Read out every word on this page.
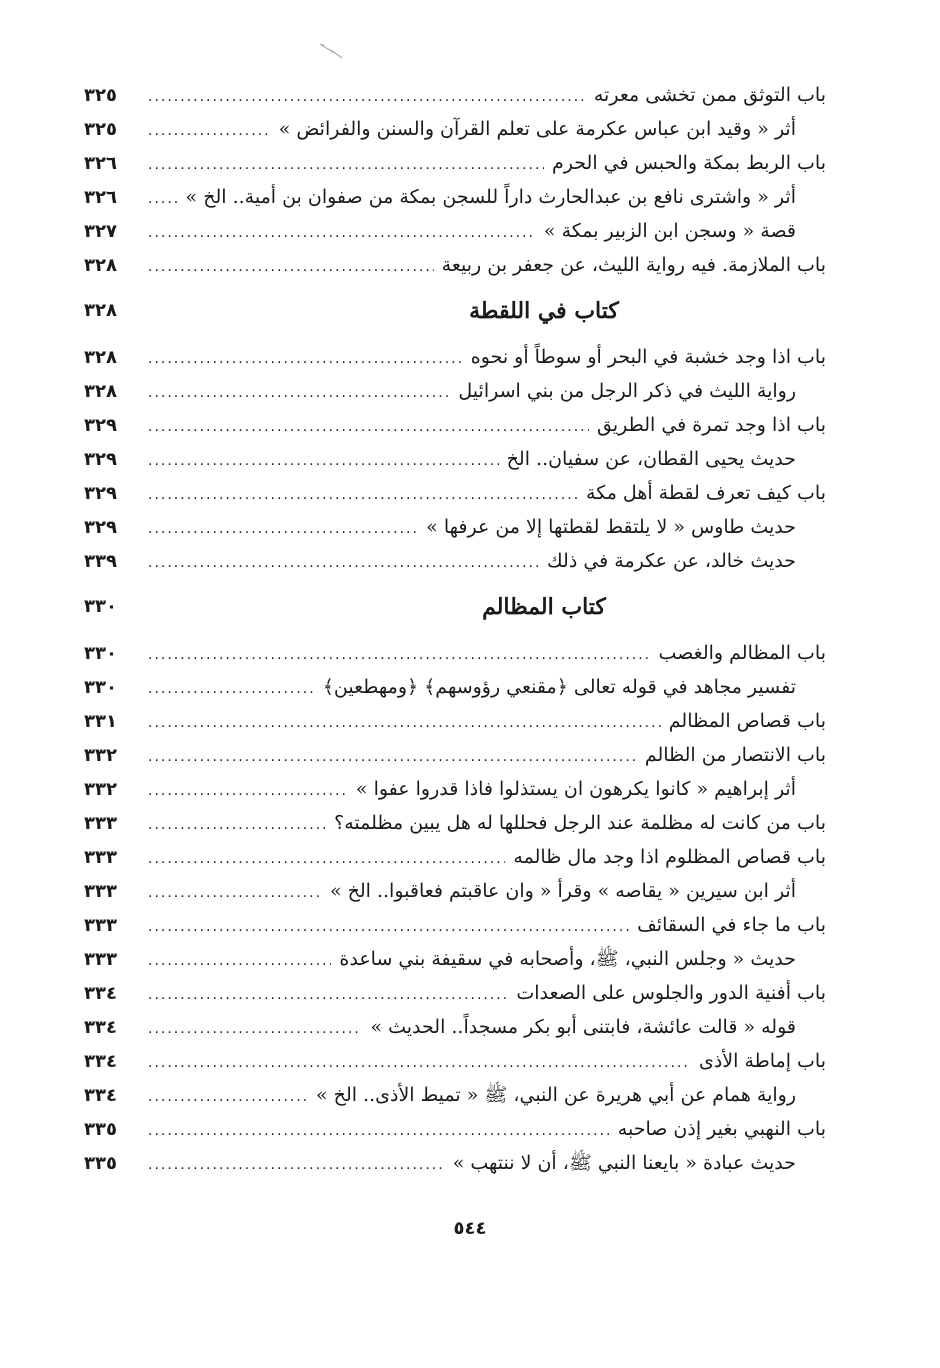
باب التوثق ممن تخشى معرته
.....
٣٢٥
أثر « وقيد ابن عباس عكرمة على تعلم القرآن والسنن والفرائض »
.....
٣٢٥
باب الربط بمكة والحبس في الحرم
.....
٣٢٦
أثر « واشترى نافع بن عبدالحارث داراً للسجن بمكة من صفوان بن أمية.. الخ »
.....
٣٢٦
قصة « وسجن ابن الزبير بمكة »
.....
٣٢٧
باب الملازمة. فيه رواية الليث، عن جعفر بن ربيعة
.....
٣٢٨
كتاب في اللقطة
٣٢٨
باب اذا وجد خشبة في البحر أو سوطاً أو نحوه
.....
٣٢٨
رواية الليث في ذكر الرجل من بني اسرائيل
.....
٣٢٨
باب اذا وجد تمرة في الطريق
.....
٣٢٩
حديث يحيى القطان، عن سفيان.. الخ
.....
٣٢٩
باب كيف تعرف لقطة أهل مكة
.....
٣٢٩
حديث طاوس « لا يلتقط لقطتها إلا من عرفها »
.....
٣٢٩
حديث خالد، عن عكرمة في ذلك
.....
٣٣٩
كتاب المظالم
٣٣٠
باب المظالم والغصب
.....
٣٣٠
تفسير مجاهد في قوله تعالى ﴿مقنعي رؤوسهم﴾ ﴿ومهطعين﴾
.....
٣٣٠
باب قصاص المظالم
.....
٣٣١
باب الانتصار من الظالم
.....
٣٣٢
أثر إبراهيم « كانوا يكرهون ان يستذلوا فاذا قدروا عفوا »
.....
٣٣٢
باب من كانت له مظلمة عند الرجل فحللها له هل يبين مظلمته؟
.....
٣٣٣
باب قصاص المظلوم اذا وجد مال ظالمه
.....
٣٣٣
أثر ابن سيرين « يقاصه » وقرأ « وان عاقبتم فعاقبوا.. الخ »
.....
٣٣٣
باب ما جاء في السقائف
.....
٣٣٣
حديث « وجلس النبي، ﷺ، وأصحابه في سقيفة بني ساعدة
.....
٣٣٣
باب أفنية الدور والجلوس على الصعدات
.....
٣٣٤
قوله « قالت عائشة، فابتنى أبو بكر مسجداً.. الحديث »
.....
٣٣٤
باب إماطة الأذى
.....
٣٣٤
رواية همام عن أبي هريرة عن النبي، ﷺ « تميط الأذى.. الخ »
.....
٣٣٤
باب النهبي بغير إذن صاحبه
.....
٣٣٥
حديث عبادة « بايعنا النبي ﷺ، أن لا ننتهب »
.....
٣٣٥
٥٤٤
